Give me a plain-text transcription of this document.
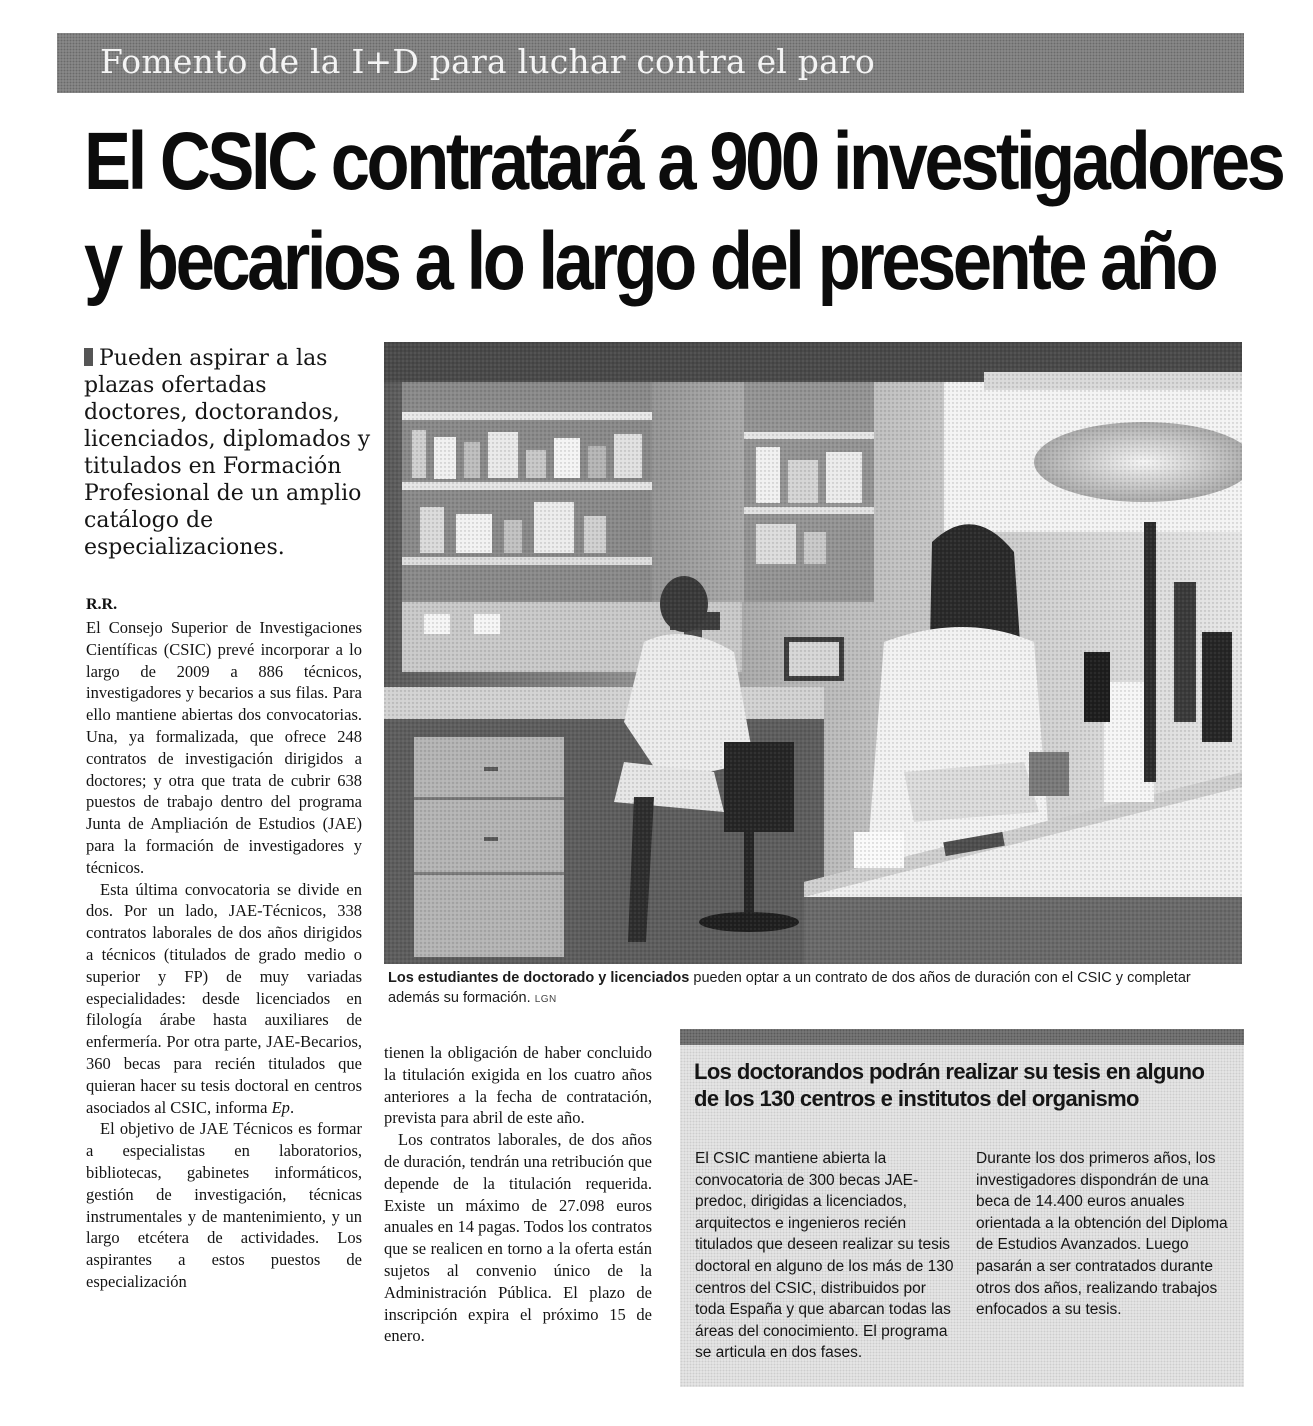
Fomento de la I+D para luchar contra el paro
El CSIC contratará a 900 investigadores
y becarios a lo largo del presente año
Pueden aspirar a las plazas ofertadas doctores, doctorandos, licenciados, diplomados y titulados en Formación Profesional de un amplio catálogo de especializaciones.
R.R.

El Consejo Superior de Investigaciones Científicas (CSIC) prevé incorporar a lo largo de 2009 a 886 técnicos, investigadores y becarios a sus filas. Para ello mantiene abiertas dos convocatorias. Una, ya formalizada, que ofrece 248 contratos de investigación dirigidos a doctores; y otra que trata de cubrir 638 puestos de trabajo dentro del programa Junta de Ampliación de Estudios (JAE) para la formación de investigadores y técnicos.

Esta última convocatoria se divide en dos. Por un lado, JAE-Técnicos, 338 contratos laborales de dos años dirigidos a técnicos (titulados de grado medio o superior y FP) de muy variadas especialidades: desde licenciados en filología árabe hasta auxiliares de enfermería. Por otra parte, JAE-Becarios, 360 becas para recién titulados que quieran hacer su tesis doctoral en centros asociados al CSIC, informa Ep.

El objetivo de JAE Técnicos es formar a especialistas en laboratorios, bibliotecas, gabinetes informáticos, gestión de investigación, técnicas instrumentales y de mantenimiento, y un largo etcétera de actividades. Los aspirantes a estos puestos de especialización

Los estudiantes de doctorado y licenciados pueden optar a un contrato de dos años de duración con el CSIC y completar además su formación. LGN

tienen la obligación de haber concluido la titulación exigida en los cuatro años anteriores a la fecha de contratación, prevista para abril de este año.

Los contratos laborales, de dos años de duración, tendrán una retribución que depende de la titulación requerida. Existe un máximo de 27.098 euros anuales en 14 pagas. Todos los contratos que se realicen en torno a la oferta están sujetos al convenio único de la Administración Pública. El plazo de inscripción expira el próximo 15 de enero.

Los doctorandos podrán realizar su tesis en alguno de los 130 centros e institutos del organismo

El CSIC mantiene abierta la convocatoria de 300 becas JAE-predoc, dirigidas a licenciados, arquitectos e ingenieros recién titulados que deseen realizar su tesis doctoral en alguno de los más de 130 centros del CSIC, distribuidos por toda España y que abarcan todas las áreas del conocimiento. El programa se articula en dos fases.

Durante los dos primeros años, los investigadores dispondrán de una beca de 14.400 euros anuales orientada a la obtención del Diploma de Estudios Avanzados. Luego pasarán a ser contratados durante otros dos años, realizando trabajos enfocados a su tesis.
